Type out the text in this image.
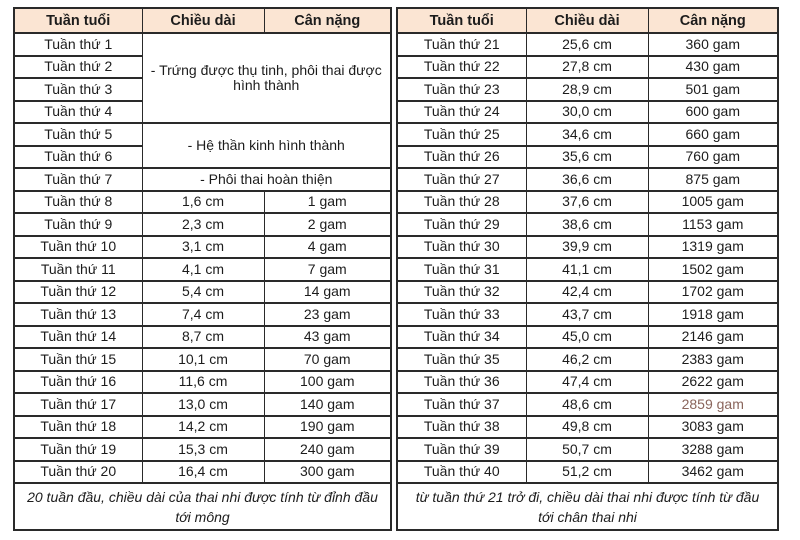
Tuần tuổi	Chiều dài	Cân nặng
Tuần thứ 1	- Trứng được thụ tinh, phôi thai được hình thành	
Tuần thứ 2		
Tuần thứ 3		
Tuần thứ 4		
Tuần thứ 5	- Hệ thần kinh hình thành	
Tuần thứ 6		
Tuần thứ 7	- Phôi thai hoàn thiện	
Tuần thứ 8	1,6 cm	1 gam
Tuần thứ 9	2,3 cm	2 gam
Tuần thứ 10	3,1 cm	4 gam
Tuần thứ 11	4,1 cm	7 gam
Tuần thứ 12	5,4 cm	14 gam
Tuần thứ 13	7,4 cm	23 gam
Tuần thứ 14	8,7 cm	43 gam
Tuần thứ 15	10,1 cm	70 gam
Tuần thứ 16	11,6 cm	100 gam
Tuần thứ 17	13,0 cm	140 gam
Tuần thứ 18	14,2 cm	190 gam
Tuần thứ 19	15,3 cm	240 gam
Tuần thứ 20	16,4 cm	300 gam
20 tuần đầu, chiều dài của thai nhi được tính từ đỉnh đầu tới mông		
Tuần tuổi	Chiều dài	Cân nặng
Tuần thứ 21	25,6 cm	360 gam
Tuần thứ 22	27,8 cm	430 gam
Tuần thứ 23	28,9 cm	501 gam
Tuần thứ 24	30,0 cm	600 gam
Tuần thứ 25	34,6 cm	660 gam
Tuần thứ 26	35,6 cm	760 gam
Tuần thứ 27	36,6 cm	875 gam
Tuần thứ 28	37,6 cm	1005 gam
Tuần thứ 29	38,6 cm	1153 gam
Tuần thứ 30	39,9 cm	1319 gam
Tuần thứ 31	41,1 cm	1502 gam
Tuần thứ 32	42,4 cm	1702 gam
Tuần thứ 33	43,7 cm	1918 gam
Tuần thứ 34	45,0 cm	2146 gam
Tuần thứ 35	46,2 cm	2383 gam
Tuần thứ 36	47,4 cm	2622 gam
Tuần thứ 37	48,6 cm	2859 gam
Tuần thứ 38	49,8 cm	3083 gam
Tuần thứ 39	50,7 cm	3288 gam
Tuần thứ 40	51,2 cm	3462 gam
từ tuần thứ 21 trở đi, chiều dài thai nhi được tính từ đầu tới chân thai nhi		
